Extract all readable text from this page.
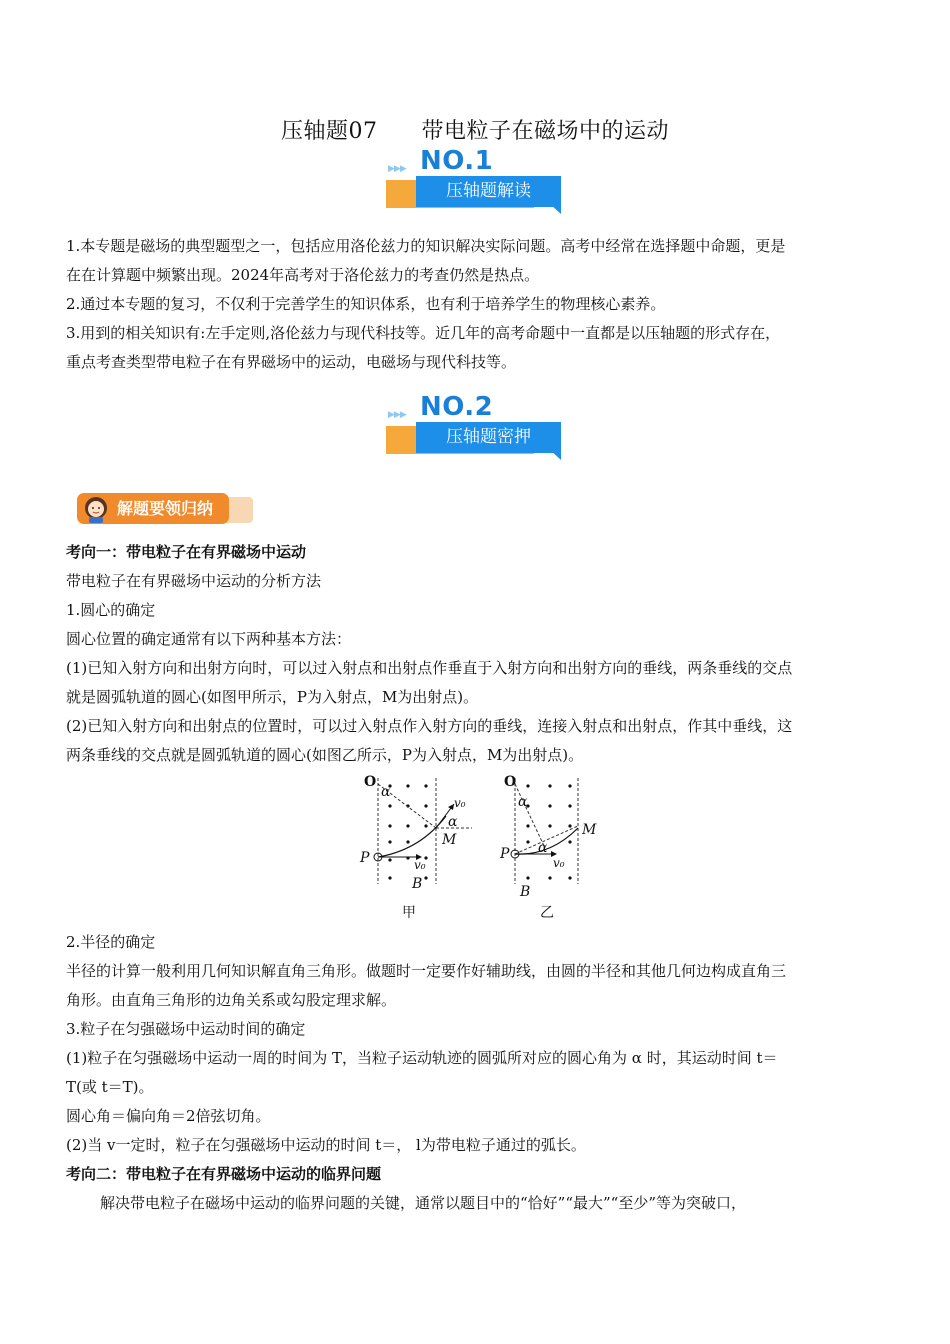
压轴题07 带电粒子在磁场中的运动
▶▶▶ NO.1
压轴题解读
1.本专题是磁场的典型题型之一，包括应用洛伦兹力的知识解决实际问题。高考中经常在选择题中命题，更是
在在计算题中频繁出现。2024年高考对于洛伦兹力的考查仍然是热点。
2.通过本专题的复习，不仅利于完善学生的知识体系，也有利于培养学生的物理核心素养。
3.用到的相关知识有:左手定则,洛伦兹力与现代科技等。近几年的高考命题中一直都是以压轴题的形式存在，
重点考查类型带电粒子在有界磁场中的运动，电磁场与现代科技等。
▶▶▶ NO.2
压轴题密押
解题要领归纳
考向一：带电粒子在有界磁场中运动
带电粒子在有界磁场中运动的分析方法
1.圆心的确定
圆心位置的确定通常有以下两种基本方法：
(1)已知入射方向和出射方向时，可以过入射点和出射点作垂直于入射方向和出射方向的垂线，两条垂线的交点
就是圆弧轨道的圆心(如图甲所示，P为入射点，M为出射点)。
(2)已知入射方向和出射点的位置时，可以过入射点作入射方向的垂线，连接入射点和出射点，作其中垂线，这
两条垂线的交点就是圆弧轨道的圆心(如图乙所示，P为入射点，M为出射点)。
O
α
α
v₀
M
P	v₀
B
甲
O
α
α
M
P
v₀
B
乙
2.半径的确定
半径的计算一般利用几何知识解直角三角形。做题时一定要作好辅助线，由圆的半径和其他几何边构成直角三
角形。由直角三角形的边角关系或勾股定理求解。
3.粒子在匀强磁场中运动时间的确定
(1)粒子在匀强磁场中运动一周的时间为 T，当粒子运动轨迹的圆弧所对应的圆心角为 α 时，其运动时间 t＝
T(或 t＝T)。
圆心角＝偏向角＝2倍弦切角。
(2)当 v一定时，粒子在匀强磁场中运动的时间 t＝， l为带电粒子通过的弧长。
考向二：带电粒子在有界磁场中运动的临界问题
解决带电粒子在磁场中运动的临界问题的关键，通常以题目中的“恰好”“最大”“至少”等为突破口，
